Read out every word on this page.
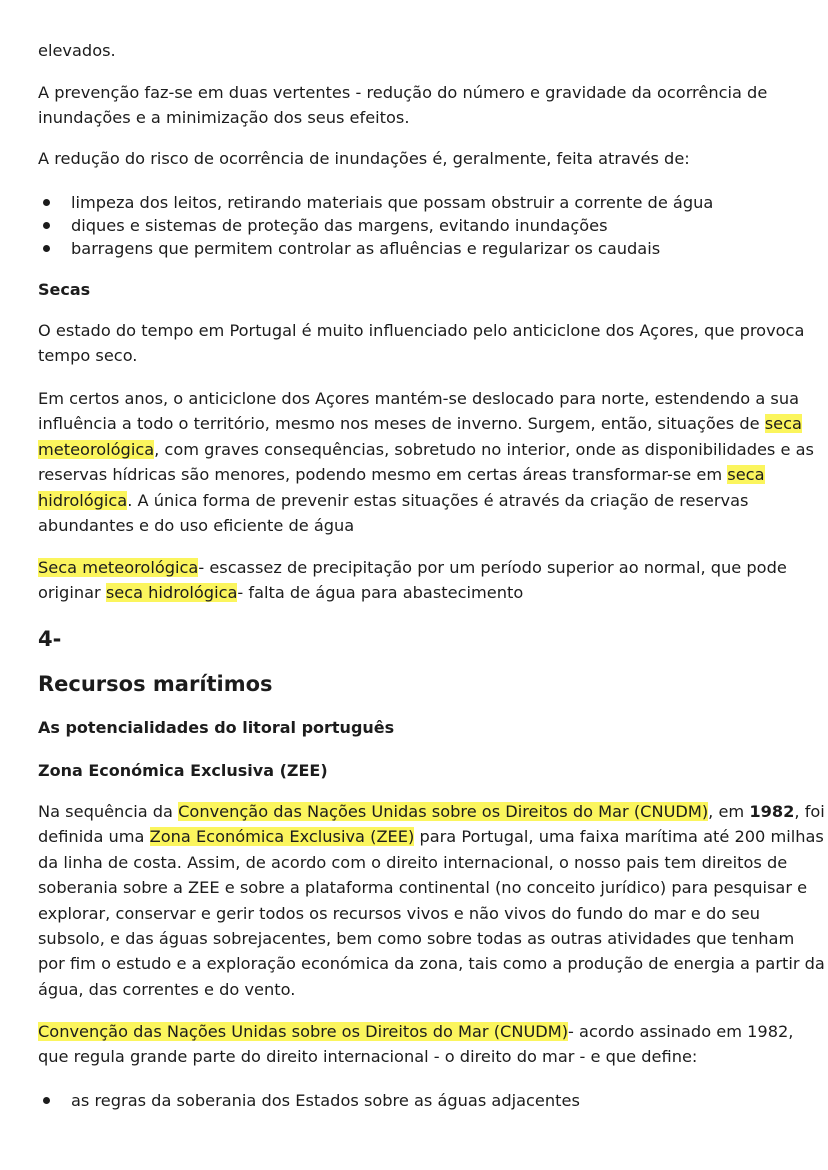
elevados.

A prevenção faz-se em duas vertentes - redução do número e gravidade da ocorrência de
inundações e a minimização dos seus efeitos.

A redução do risco de ocorrência de inundações é, geralmente, feita através de:

limpeza dos leitos, retirando materiais que possam obstruir a corrente de água
diques e sistemas de proteção das margens, evitando inundações
barragens que permitem controlar as afluências e regularizar os caudais
Secas

O estado do tempo em Portugal é muito influenciado pelo anticiclone dos Açores, que provoca
tempo seco.

Em certos anos, o anticiclone dos Açores mantém-se deslocado para norte, estendendo a sua
influência a todo o território, mesmo nos meses de inverno. Surgem, então, situações de seca
meteorológica, com graves consequências, sobretudo no interior, onde as disponibilidades e as
reservas hídricas são menores, podendo mesmo em certas áreas transformar-se em seca
hidrológica. A única forma de prevenir estas situações é através da criação de reservas
abundantes e do uso eficiente de água

Seca meteorológica- escassez de precipitação por um período superior ao normal, que pode
originar seca hidrológica- falta de água para abastecimento

4-
Recursos marítimos
As potencialidades do litoral português
Zona Económica Exclusiva (ZEE)

Na sequência da Convenção das Nações Unidas sobre os Direitos do Mar (CNUDM), em 1982, foi
definida uma Zona Económica Exclusiva (ZEE) para Portugal, uma faixa marítima até 200 milhas
da linha de costa. Assim, de acordo com o direito internacional, o nosso pais tem direitos de
soberania sobre a ZEE e sobre a plataforma continental (no conceito jurídico) para pesquisar e
explorar, conservar e gerir todos os recursos vivos e não vivos do fundo do mar e do seu
subsolo, e das águas sobrejacentes, bem como sobre todas as outras atividades que tenham
por fim o estudo e a exploração económica da zona, tais como a produção de energia a partir da
água, das correntes e do vento.

Convenção das Nações Unidas sobre os Direitos do Mar (CNUDM)- acordo assinado em 1982,
que regula grande parte do direito internacional - o direito do mar - e que define:

as regras da soberania dos Estados sobre as águas adjacentes
